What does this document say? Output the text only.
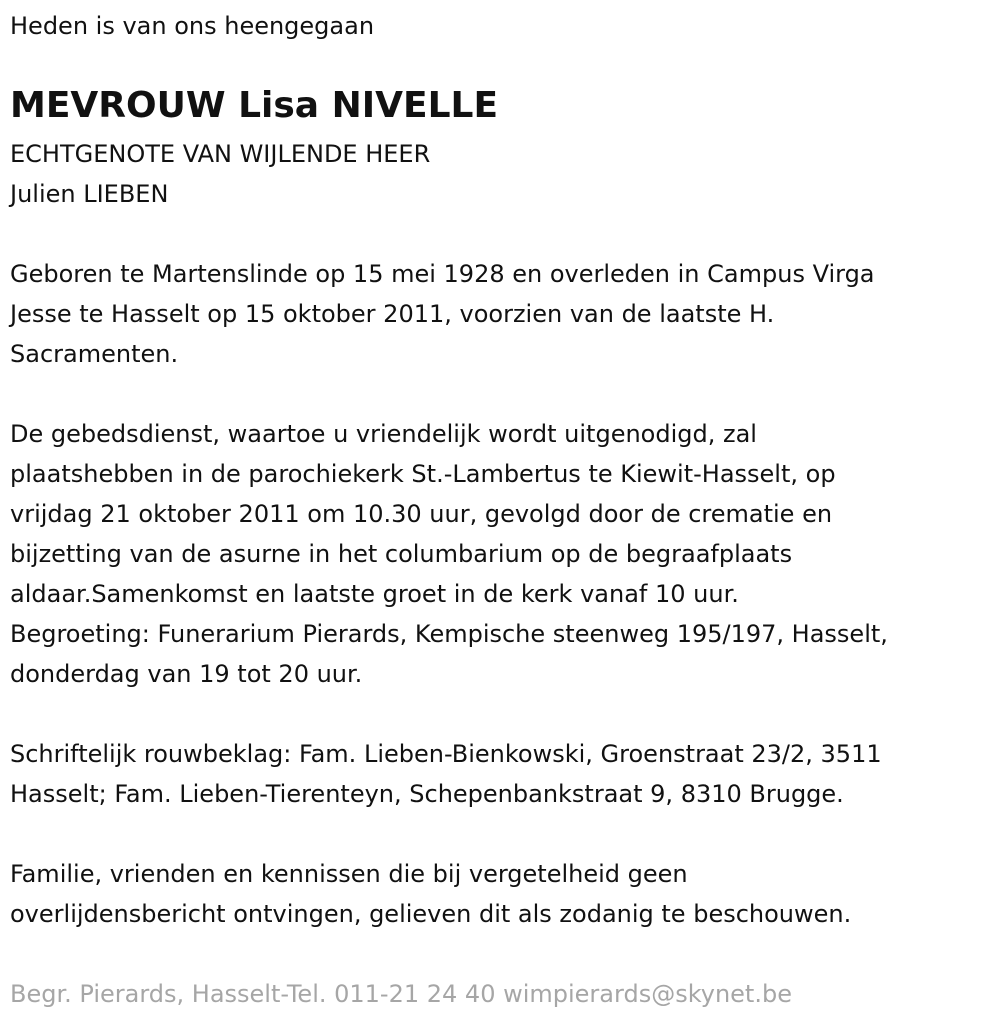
Heden is van ons heengegaan

MEVROUW Lisa NIVELLE

ECHTGENOTE VAN WIJLENDE HEER

Julien LIEBEN

Geboren te Martenslinde op 15 mei 1928 en overleden in Campus Virga

Jesse te Hasselt op 15 oktober 2011, voorzien van de laatste H.

Sacramenten.

De gebedsdienst, waartoe u vriendelijk wordt uitgenodigd, zal

plaatshebben in de parochiekerk St.-Lambertus te Kiewit-Hasselt, op

vrijdag 21 oktober 2011 om 10.30 uur, gevolgd door de crematie en

bijzetting van de asurne in het columbarium op de begraafplaats

aldaar.Samenkomst en laatste groet in de kerk vanaf 10 uur.

Begroeting: Funerarium Pierards, Kempische steenweg 195/197, Hasselt,

donderdag van 19 tot 20 uur.

Schriftelijk rouwbeklag: Fam. Lieben-Bienkowski, Groenstraat 23/2, 3511

Hasselt; Fam. Lieben-Tierenteyn, Schepenbankstraat 9, 8310 Brugge.

Familie, vrienden en kennissen die bij vergetelheid geen

overlijdensbericht ontvingen, gelieven dit als zodanig te beschouwen.

Begr. Pierards, Hasselt-Tel. 011-21 24 40 wimpierards@skynet.be
